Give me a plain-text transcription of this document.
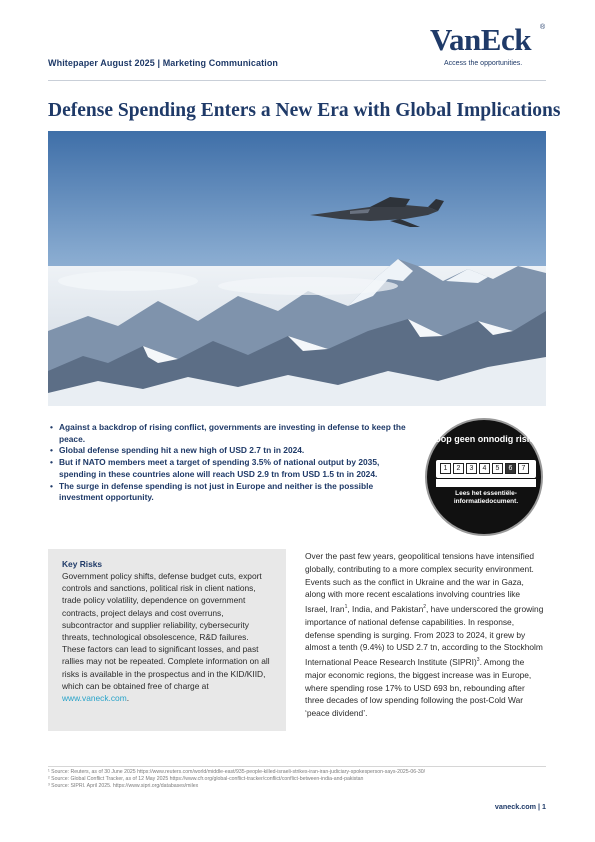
Whitepaper August 2025 | Marketing Communication
VanEck ®
Access the opportunities.
Defense Spending Enters a New Era with Global Implications
• Against a backdrop of rising conflict, governments are investing in defense to keep the peace.
• Global defense spending hit a new high of USD 2.7 tn in 2024.
• But if NATO members meet a target of spending 3.5% of national output by 2035, spending in these countries alone will reach USD 2.9 tn from USD 1.5 tn in 2024.
• The surge in defense spending is not just in Europe and neither is the possible investment opportunity.
Loop geen onnodig risico.
1	2	3	4	5	6	7
Lees het essentiële-informatiedocument.
Key Risks
Government policy shifts, defense budget cuts, export controls and sanctions, political risk in client nations, trade policy volatility, dependence on government contracts, project delays and cost overruns, subcontractor and supplier reliability, cybersecurity threats, technological obsolescence, R&D failures. These factors can lead to significant losses, and past rallies may not be repeated. Complete information on all risks is available in the prospectus and in the KID/KIID, which can be obtained free of charge at www.vaneck.com.
Over the past few years, geopolitical tensions have intensified globally, contributing to a more complex security environment. Events such as the conflict in Ukraine and the war in Gaza, along with more recent escalations involving countries like Israel, Iran$^1$, India, and Pakistan$^2$, have underscored the growing importance of national defense capabilities. In response, defense spending is surging. From 2023 to 2024, it grew by almost a tenth (9.4%) to USD 2.7 tn, according to the Stockholm International Peace Research Institute (SIPRI)$^3$. Among the major economic regions, the biggest increase was in Europe, where spending rose 17% to USD 693 bn, rebounding after three decades of low spending following the post-Cold War ‘peace dividend’.
¹ Source: Reuters, as of 30 June 2025 https://www.reuters.com/world/middle-east/935-people-killed-israeli-strikes-iran-iran-judiciary-spokesperson-says-2025-06-30/
² Source: Global Conflict Tracker, as of 12 May 2025 https://www.cfr.org/global-conflict-tracker/conflict/conflict-between-india-and-pakistan
³ Source: SIPRI. April 2025. https://www.sipri.org/databases/milex
vaneck.com | 1
